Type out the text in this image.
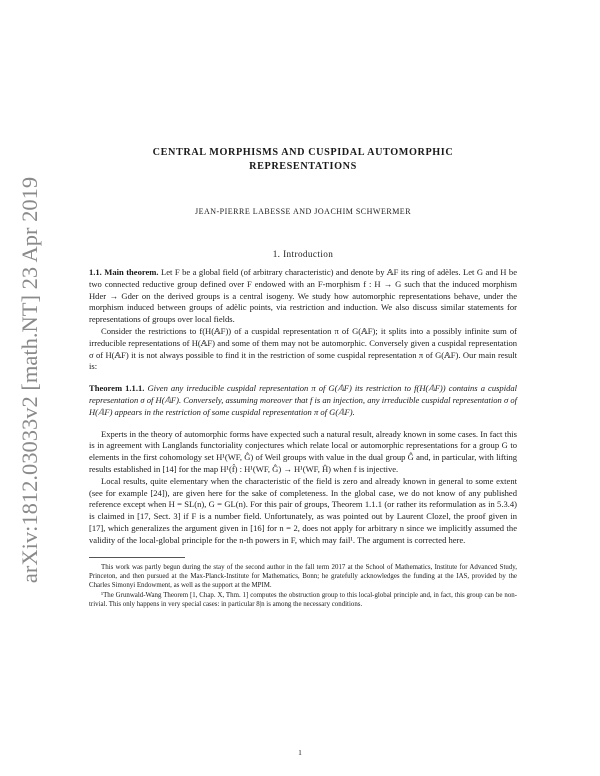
arXiv:1812.03033v2 [math.NT] 23 Apr 2019

CENTRAL MORPHISMS AND CUSPIDAL AUTOMORPHIC
REPRESENTATIONS

JEAN-PIERRE LABESSE AND JOACHIM SCHWERMER

1. Introduction

1.1. Main theorem. Let F be a global field (of arbitrary characteristic) and denote by 𝔸F its ring of adèles. Let G and H be two connected reductive group defined over F endowed with an F-morphism f : H → G such that the induced morphism Hder → Gder on the derived groups is a central isogeny. We study how automorphic representations behave, under the morphism induced between groups of adèlic points, via restriction and induction. We also discuss similar statements for representations of groups over local fields.

Consider the restrictions to f(H(𝔸F)) of a cuspidal representation π of G(𝔸F); it splits into a possibly infinite sum of irreducible representations of H(𝔸F) and some of them may not be automorphic. Conversely given a cuspidal representation σ of H(𝔸F) it is not always possible to find it in the restriction of some cuspidal representation π of G(𝔸F). Our main result is:

Theorem 1.1.1. Given any irreducible cuspidal representation π of G(𝔸F) its restriction to f(H(𝔸F)) contains a cuspidal representation σ of H(𝔸F). Conversely, assuming moreover that f is an injection, any irreducible cuspidal representation σ of H(𝔸F) appears in the restriction of some cuspidal representation π of G(𝔸F).

Experts in the theory of automorphic forms have expected such a natural result, already known in some cases. In fact this is in agreement with Langlands functoriality conjectures which relate local or automorphic representations for a group G to elements in the first cohomology set H¹(WF, Ĝ) of Weil groups with value in the dual group Ĝ and, in particular, with lifting results established in [14] for the map H¹(f̂) : H¹(WF, Ĝ) → H¹(WF, Ĥ) when f is injective.

Local results, quite elementary when the characteristic of the field is zero and already known in general to some extent (see for example [24]), are given here for the sake of completeness. In the global case, we do not know of any published reference except when H = SL(n), G = GL(n). For this pair of groups, Theorem 1.1.1 (or rather its reformulation as in 5.3.4) is claimed in [17, Sect. 3] if F is a number field. Unfortunately, as was pointed out by Laurent Clozel, the proof given in [17], which generalizes the argument given in [16] for n = 2, does not apply for arbitrary n since we implicitly assumed the validity of the local-global principle for the n-th powers in F, which may fail¹. The argument is corrected here.

This work was partly begun during the stay of the second author in the fall term 2017 at the School of Mathematics, Institute for Advanced Study, Princeton, and then pursued at the Max-Planck-Institute for Mathematics, Bonn; he gratefully acknowledges the funding at the IAS, provided by the Charles Simonyi Endowment, as well as the support at the MPIM.

¹The Grunwald-Wang Theorem [1, Chap. X, Thm. 1] computes the obstruction group to this local-global principle and, in fact, this group can be non-trivial. This only happens in very special cases: in particular 8|n is among the necessary conditions.

1
